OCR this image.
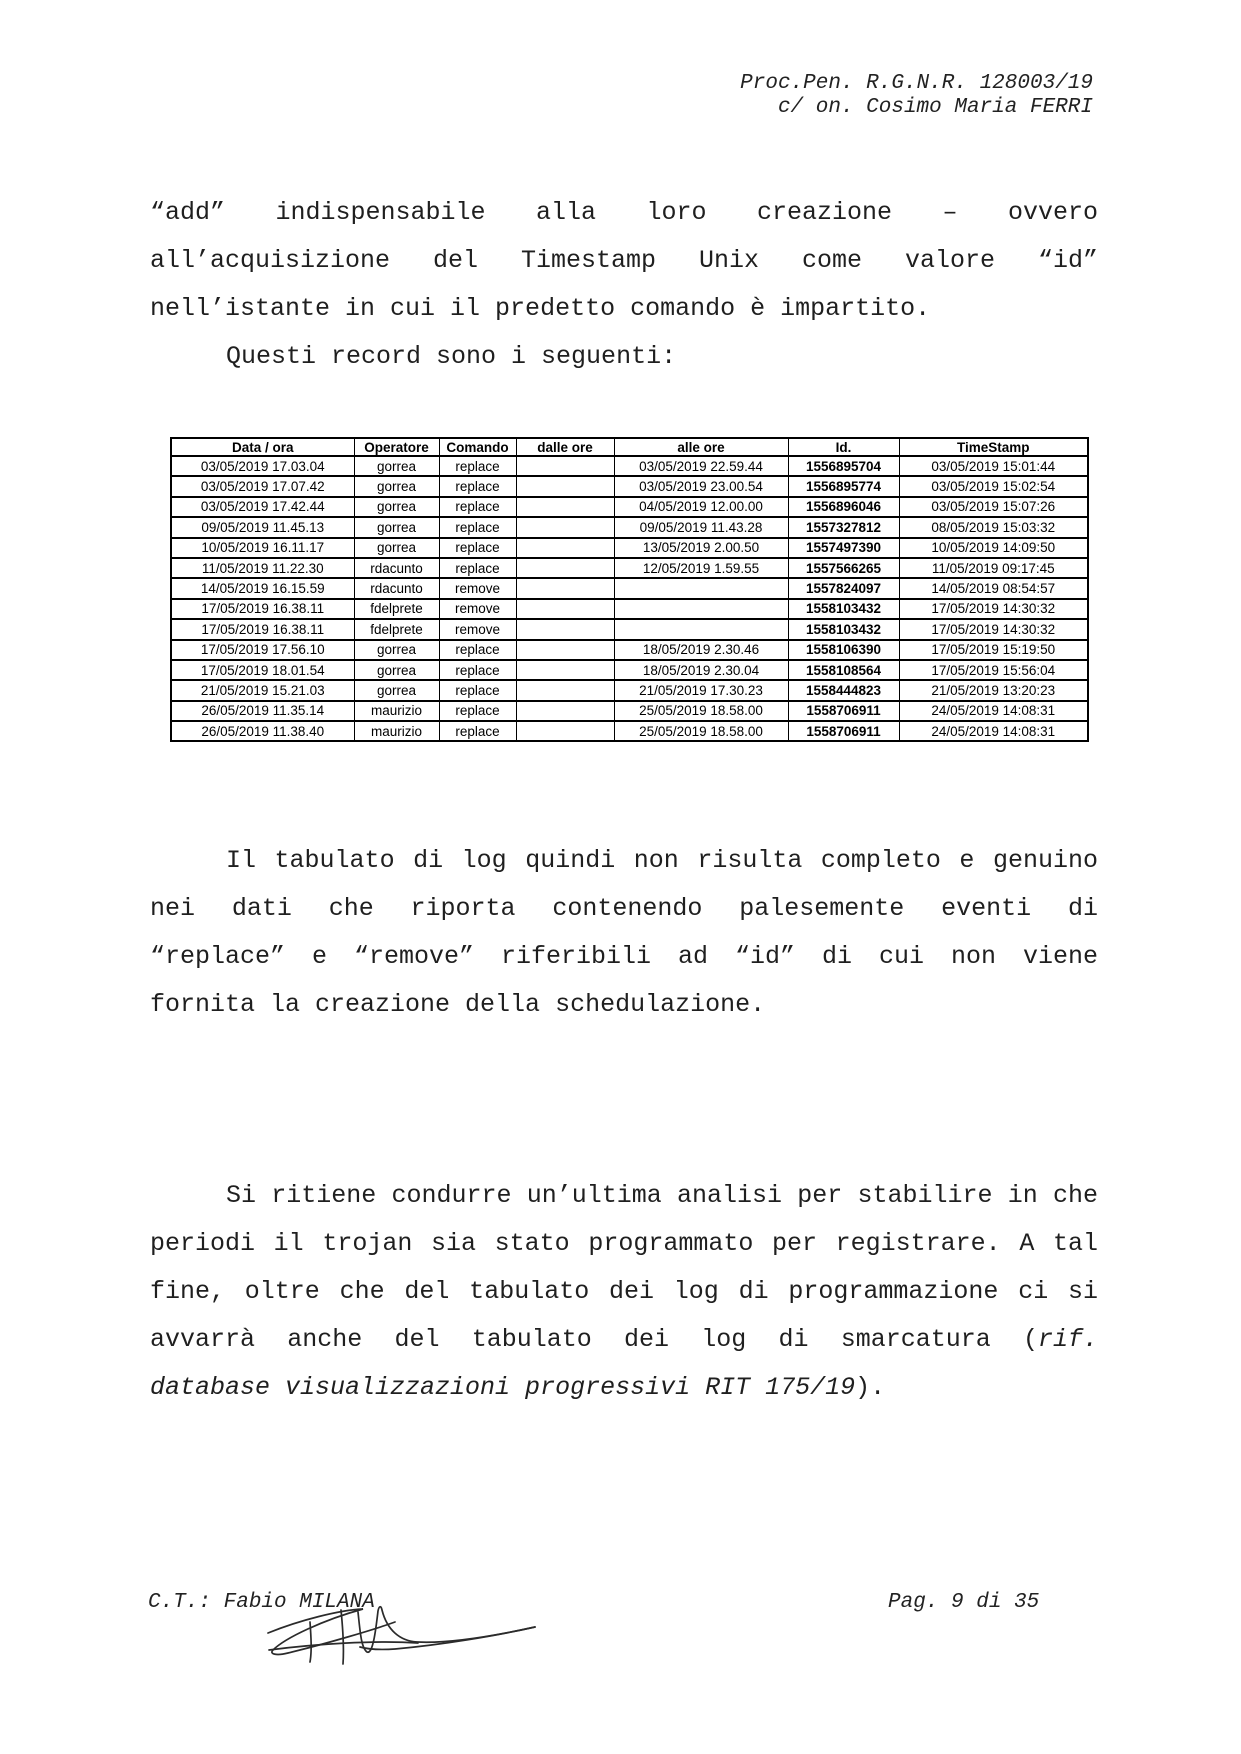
Proc.Pen. R.G.N.R. 128003/19
c/ on. Cosimo Maria FERRI
“add” indispensabile alla loro creazione – ovvero
all’acquisizione del Timestamp Unix come valore “id”
nell’istante in cui il predetto comando è impartito.
Questi record sono i seguenti:
Data / ora	Operatore	Comando	dalle ore	alle ore	Id.	TimeStamp
03/05/2019 17.03.04	gorrea	replace		03/05/2019 22.59.44	1556895704	03/05/2019 15:01:44
03/05/2019 17.07.42	gorrea	replace		03/05/2019 23.00.54	1556895774	03/05/2019 15:02:54
03/05/2019 17.42.44	gorrea	replace		04/05/2019 12.00.00	1556896046	03/05/2019 15:07:26
09/05/2019 11.45.13	gorrea	replace		09/05/2019 11.43.28	1557327812	08/05/2019 15:03:32
10/05/2019 16.11.17	gorrea	replace		13/05/2019 2.00.50	1557497390	10/05/2019 14:09:50
11/05/2019 11.22.30	rdacunto	replace		12/05/2019 1.59.55	1557566265	11/05/2019 09:17:45
14/05/2019 16.15.59	rdacunto	remove			1557824097	14/05/2019 08:54:57
17/05/2019 16.38.11	fdelprete	remove			1558103432	17/05/2019 14:30:32
17/05/2019 16.38.11	fdelprete	remove			1558103432	17/05/2019 14:30:32
17/05/2019 17.56.10	gorrea	replace		18/05/2019 2.30.46	1558106390	17/05/2019 15:19:50
17/05/2019 18.01.54	gorrea	replace		18/05/2019 2.30.04	1558108564	17/05/2019 15:56:04
21/05/2019 15.21.03	gorrea	replace		21/05/2019 17.30.23	1558444823	21/05/2019 13:20:23
26/05/2019 11.35.14	maurizio	replace		25/05/2019 18.58.00	1558706911	24/05/2019 14:08:31
26/05/2019 11.38.40	maurizio	replace		25/05/2019 18.58.00	1558706911	24/05/2019 14:08:31
Il tabulato di log quindi non risulta completo e genuino
nei dati che riporta contenendo palesemente eventi di
“replace” e “remove” riferibili ad “id” di cui non viene
fornita la creazione della schedulazione.
Si ritiene condurre un’ultima analisi per stabilire in che
periodi il trojan sia stato programmato per registrare. A tal
fine, oltre che del tabulato dei log di programmazione ci si
avvarrà anche del tabulato dei log di smarcatura (rif.
database visualizzazioni progressivi RIT 175/19).
C.T.: Fabio MILANA	Pag. 9 di 35
